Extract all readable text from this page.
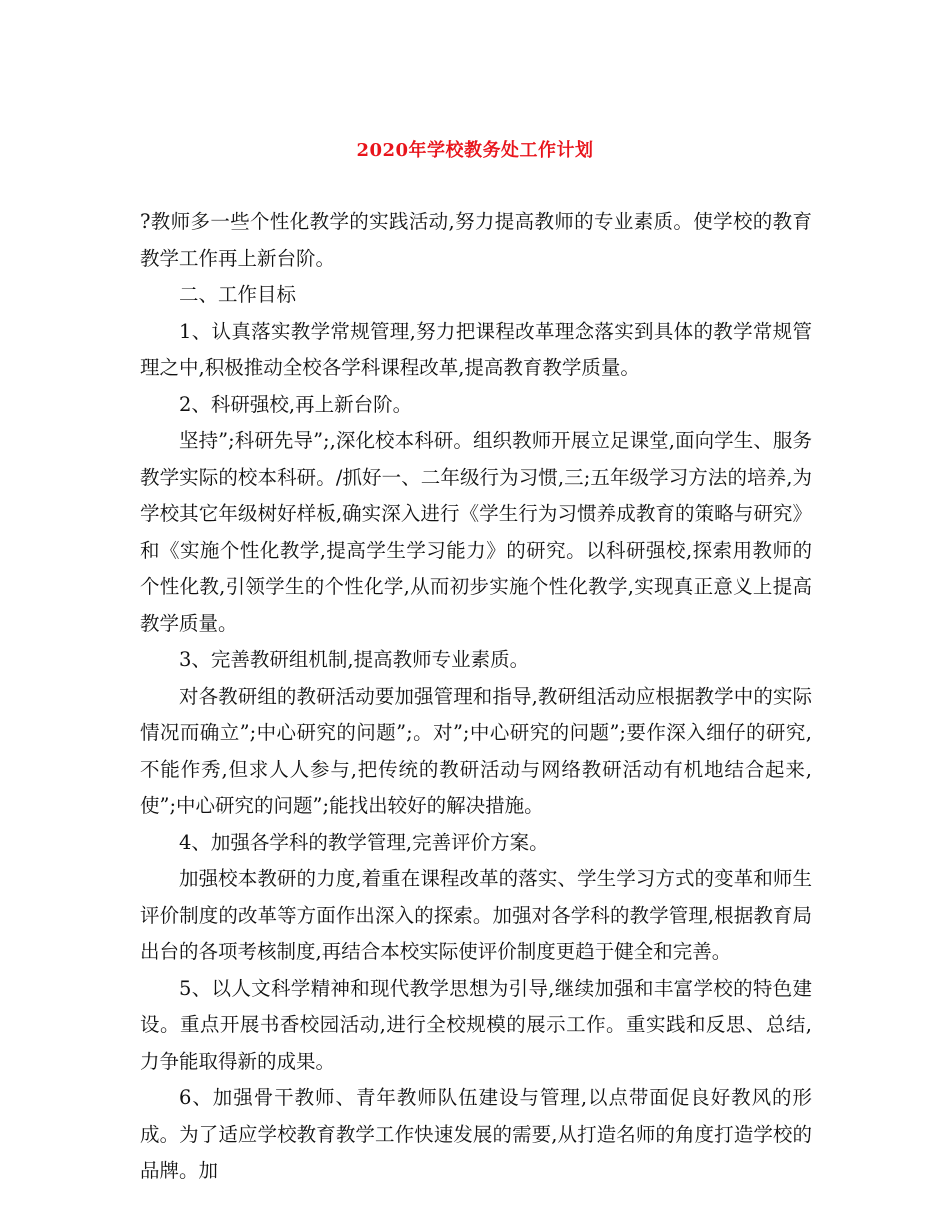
2020年学校教务处工作计划

?教师多一些个性化教学的实践活动,努力提高教师的专业素质。使学校的教育教学工作再上新台阶。

二、工作目标

1、认真落实教学常规管理,努力把课程改革理念落实到具体的教学常规管理之中,积极推动全校各学科课程改革,提高教育教学质量。

2、科研强校,再上新台阶。

坚持”;科研先导”;,深化校本科研。组织教师开展立足课堂,面向学生、服务教学实际的校本科研。/抓好一、二年级行为习惯,三;五年级学习方法的培养,为学校其它年级树好样板,确实深入进行《学生行为习惯养成教育的策略与研究》和《实施个性化教学,提高学生学习能力》的研究。以科研强校,探索用教师的个性化教,引领学生的个性化学,从而初步实施个性化教学,实现真正意义上提高教学质量。

3、完善教研组机制,提高教师专业素质。

对各教研组的教研活动要加强管理和指导,教研组活动应根据教学中的实际情况而确立”;中心研究的问题”;。对”;中心研究的问题”;要作深入细仔的研究,不能作秀,但求人人参与,把传统的教研活动与网络教研活动有机地结合起来,使”;中心研究的问题”;能找出较好的解决措施。

4、加强各学科的教学管理,完善评价方案。

加强校本教研的力度,着重在课程改革的落实、学生学习方式的变革和师生评价制度的改革等方面作出深入的探索。加强对各学科的教学管理,根据教育局出台的各项考核制度,再结合本校实际使评价制度更趋于健全和完善。

5、以人文科学精神和现代教学思想为引导,继续加强和丰富学校的特色建设。重点开展书香校园活动,进行全校规模的展示工作。重实践和反思、总结,力争能取得新的成果。

6、加强骨干教师、青年教师队伍建设与管理,以点带面促良好教风的形成。为了适应学校教育教学工作快速发展的需要,从打造名师的角度打造学校的品牌。加
